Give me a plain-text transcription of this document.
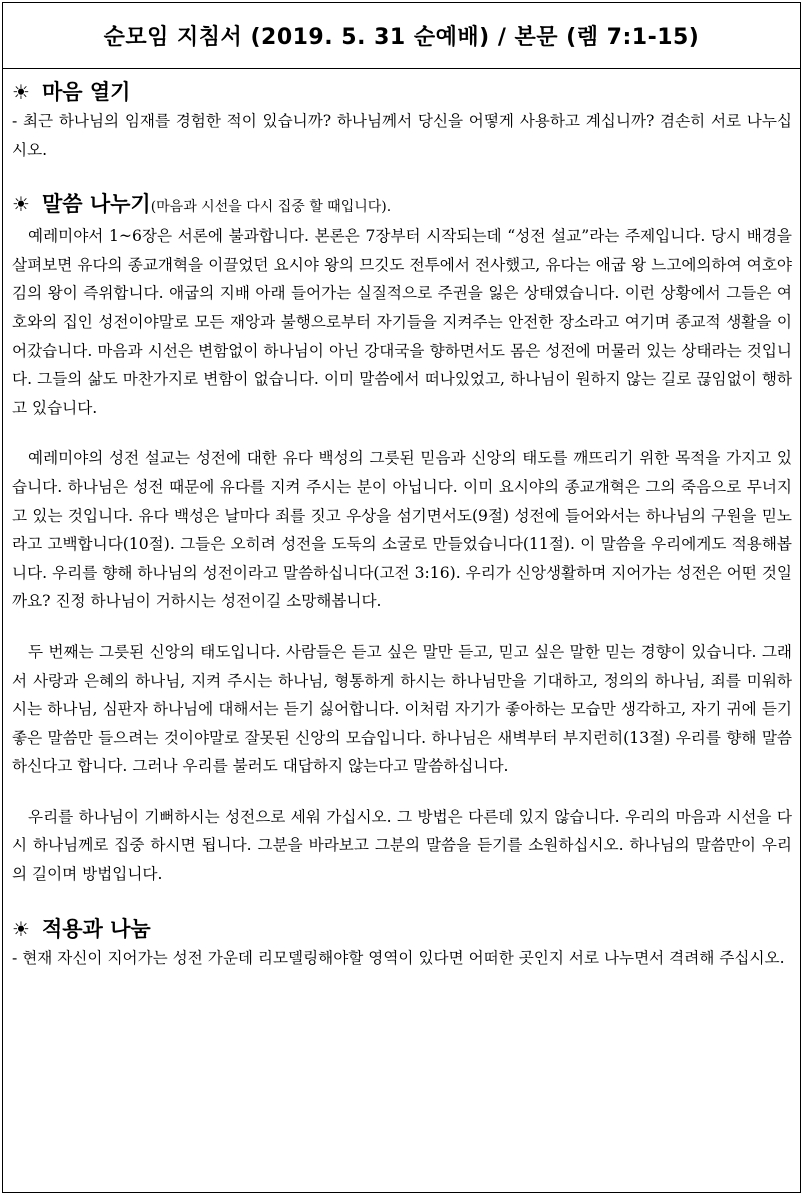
순모임 지침서 (2019. 5. 31 순예배) / 본문 (렘 7:1-15)
☀ 마음 열기

- 최근 하나님의 임재를 경험한 적이 있습니까? 하나님께서 당신을 어떻게 사용하고 계십니까? 겸손히 서로 나누십시오.

☀ 말씀 나누기 (마음과 시선을 다시 집중 할 때입니다).

예레미야서 1~6장은 서론에 불과합니다. 본론은 7장부터 시작되는데 “성전 설교”라는 주제입니다. 당시 배경을 살펴보면 유다의 종교개혁을 이끌었던 요시야 왕의 므깃도 전투에서 전사했고, 유다는 애굽 왕 느고에의하여 여호야김의 왕이 즉위합니다. 애굽의 지배 아래 들어가는 실질적으로 주권을 잃은 상태였습니다. 이런 상황에서 그들은 여호와의 집인 성전이야말로 모든 재앙과 불행으로부터 자기들을 지켜주는 안전한 장소라고 여기며 종교적 생활을 이어갔습니다. 마음과 시선은 변함없이 하나님이 아닌 강대국을 향하면서도 몸은 성전에 머물러 있는 상태라는 것입니다. 그들의 삶도 마찬가지로 변함이 없습니다. 이미 말씀에서 떠나있었고, 하나님이 원하지 않는 길로 끊임없이 행하고 있습니다.

예레미야의 성전 설교는 성전에 대한 유다 백성의 그릇된 믿음과 신앙의 태도를 깨뜨리기 위한 목적을 가지고 있습니다. 하나님은 성전 때문에 유다를 지켜 주시는 분이 아닙니다. 이미 요시야의 종교개혁은 그의 죽음으로 무너지고 있는 것입니다. 유다 백성은 날마다 죄를 짓고 우상을 섬기면서도(9절) 성전에 들어와서는 하나님의 구원을 믿노라고 고백합니다(10절). 그들은 오히려 성전을 도둑의 소굴로 만들었습니다(11절). 이 말씀을 우리에게도 적용해봅니다. 우리를 향해 하나님의 성전이라고 말씀하십니다(고전 3:16). 우리가 신앙생활하며 지어가는 성전은 어떤 것일까요? 진정 하나님이 거하시는 성전이길 소망해봅니다.

두 번째는 그릇된 신앙의 태도입니다. 사람들은 듣고 싶은 말만 듣고, 믿고 싶은 말한 믿는 경향이 있습니다. 그래서 사랑과 은혜의 하나님, 지켜 주시는 하나님, 형통하게 하시는 하나님만을 기대하고, 정의의 하나님, 죄를 미워하시는 하나님, 심판자 하나님에 대해서는 듣기 싫어합니다. 이처럼 자기가 좋아하는 모습만 생각하고, 자기 귀에 듣기 좋은 말씀만 들으려는 것이야말로 잘못된 신앙의 모습입니다. 하나님은 새벽부터 부지런히(13절) 우리를 향해 말씀하신다고 합니다. 그러나 우리를 불러도 대답하지 않는다고 말씀하십니다.

우리를 하나님이 기뻐하시는 성전으로 세워 가십시오. 그 방법은 다른데 있지 않습니다. 우리의 마음과 시선을 다시 하나님께로 집중 하시면 됩니다. 그분을 바라보고 그분의 말씀을 듣기를 소원하십시오. 하나님의 말씀만이 우리의 길이며 방법입니다.

☀ 적용과 나눔

- 현재 자신이 지어가는 성전 가운데 리모델링해야할 영역이 있다면 어떠한 곳인지 서로 나누면서 격려해 주십시오.
